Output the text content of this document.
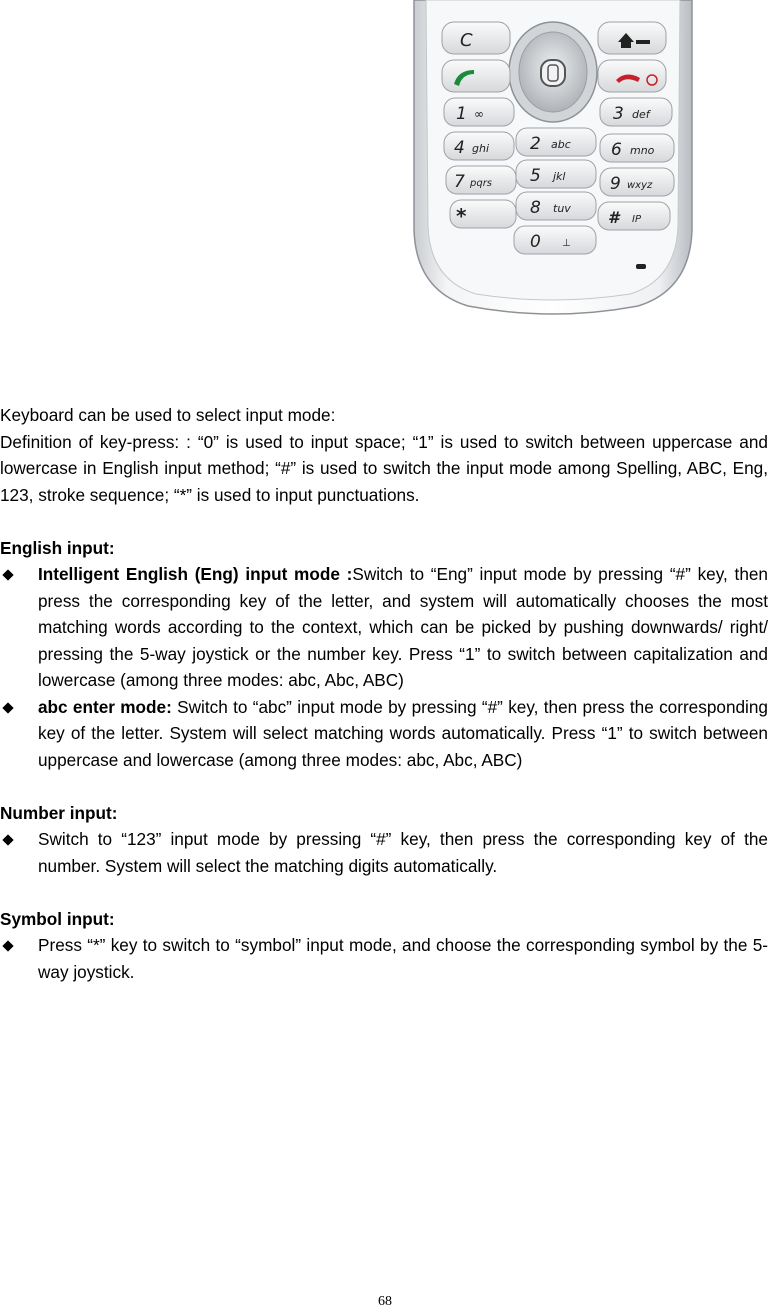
C
1 ∞	3 def
2 abc
4 ghi	6 mno
5 jkl
7 pqrs	9 wxyz
8 tuv
*	# IP
0 ⊥

Keyboard can be used to select input mode:

Definition of key-press: : “0” is used to input space; “1” is used to switch between uppercase and lowercase in English input method; “#” is used to switch the input mode among Spelling, ABC, Eng, 123, stroke sequence; “*” is used to input punctuations.

English input:

Intelligent English (Eng) input mode :Switch to “Eng” input mode by pressing “#” key, then press the corresponding key of the letter, and system will automatically chooses the most matching words according to the context, which can be picked by pushing downwards/ right/ pressing the 5-way joystick or the number key. Press “1” to switch between capitalization and lowercase (among three modes: abc, Abc, ABC)
abc enter mode: Switch to “abc” input mode by pressing “#” key, then press the corresponding key of the letter. System will select matching words automatically. Press “1” to switch between uppercase and lowercase (among three modes: abc, Abc, ABC)

Number input:

Switch to “123” input mode by pressing “#” key, then press the corresponding key of the number. System will select the matching digits automatically.

Symbol input:

Press “*” key to switch to “symbol” input mode, and choose the corresponding symbol by the 5-way joystick.
68
